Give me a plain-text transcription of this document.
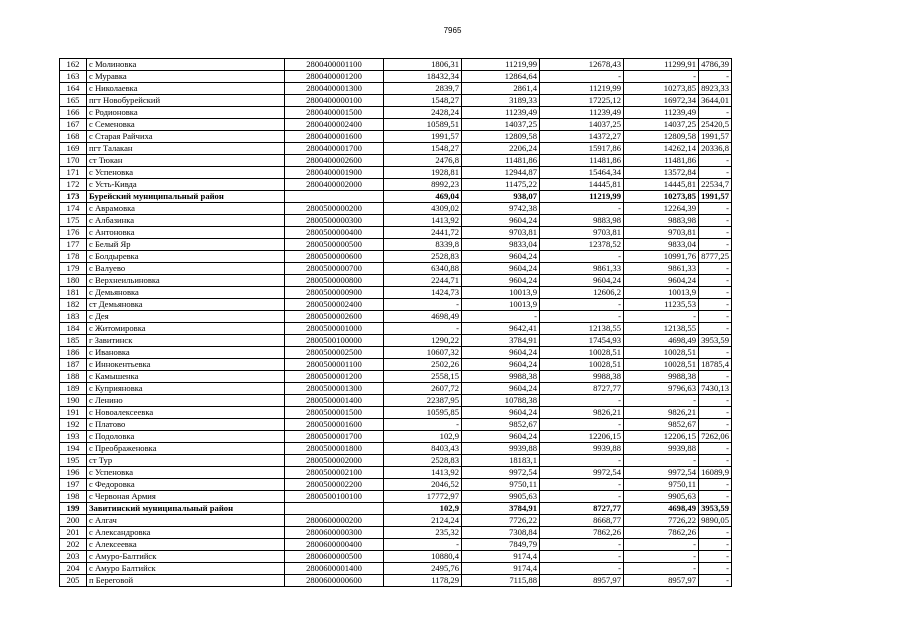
7965
162	с Молиновка	2800400001100	1806,31	11219,99	12678,43	11299,91	4786,39
163	с Муравка	2800400001200	18432,34	12864,64	-	-	-
164	с Николаевка	2800400001300	2839,7	2861,4	11219,99	10273,85	8923,33
165	пгт Новобурейский	2800400000100	1548,27	3189,33	17225,12	16972,34	3644,01
166	с Родионовка	2800400001500	2428,24	11239,49	11239,49	11239,49	-
167	с Семеновка	2800400002400	10589,51	14037,25	14037,25	14037,25	25420,5
168	с Старая Райчиха	2800400001600	1991,57	12809,58	14372,27	12809,58	1991,57
169	пгт Талакан	2800400001700	1548,27	2206,24	15917,86	14262,14	20336,8
170	ст Тюкан	2800400002600	2476,8	11481,86	11481,86	11481,86	-
171	с Успеновка	2800400001900	1928,81	12944,87	15464,34	13572,84	-
172	с Усть-Кивда	2800400002000	8992,23	11475,22	14445,81	14445,81	22534,7
173	Бурейский муниципальный район		469,04	938,07	11219,99	10273,85	1991,57
174	с Аврамовка	2800500000200	4309,02	9742,38	-	12264,39	-
175	с Албазинка	2800500000300	1413,92	9604,24	9883,98	9883,98	-
176	с Антоновка	2800500000400	2441,72	9703,81	9703,81	9703,81	-
177	с Белый Яр	2800500000500	8339,8	9833,04	12378,52	9833,04	-
178	с Болдыревка	2800500000600	2528,83	9604,24	-	10991,76	8777,25
179	с Валуево	2800500000700	6340,88	9604,24	9861,33	9861,33	-
180	с Верхнеильиновка	2800500000800	2244,71	9604,24	9604,24	9604,24	-
181	с Демьяновка	2800500000900	1424,73	10013,9	12606,2	10013,9	-
182	ст Демьяновка	2800500002400	-	10013,9	-	11235,53	-
183	с Дея	2800500002600	4698,49	-	-	-	-
184	с Житомировка	2800500001000	-	9642,41	12138,55	12138,55	-
185	г Завитинск	2800500100000	1290,22	3784,91	17454,93	4698,49	3953,59
186	с Ивановка	2800500002500	10607,32	9604,24	10028,51	10028,51	-
187	с Иннокентьевка	2800500001100	2502,26	9604,24	10028,51	10028,51	18785,4
188	с Камышенка	2800500001200	2558,15	9988,38	9988,38	9988,38	-
189	с Куприяновка	2800500001300	2607,72	9604,24	8727,77	9796,63	7430,13
190	с Ленино	2800500001400	22387,95	10788,38	-	-	-
191	с Новоалексеевка	2800500001500	10595,85	9604,24	9826,21	9826,21	-
192	с Платово	2800500001600	-	9852,67	-	9852,67	-
193	с Подоловка	2800500001700	102,9	9604,24	12206,15	12206,15	7262,06
194	с Преображеновка	2800500001800	8403,43	9939,88	9939,88	9939,88	-
195	ст Тур	2800500002000	2528,83	18183,1	-	-	-
196	с Успеновка	2800500002100	1413,92	9972,54	9972,54	9972,54	16089,9
197	с Федоровка	2800500002200	2046,52	9750,11	-	9750,11	-
198	с Червоная Армия	2800500100100	17772,97	9905,63	-	9905,63	-
199	Завитинский муниципальный район		102,9	3784,91	8727,77	4698,49	3953,59
200	с Алгач	2800600000200	2124,24	7726,22	8668,77	7726,22	9890,05
201	с Александровка	2800600000300	235,32	7308,84	7862,26	7862,26	-
202	с Алексеевка	2800600000400	-	7849,79	-	-	-
203	с Амуро-Балтийск	2800600000500	10880,4	9174,4	-	-	-
204	с Амуро Балтийск	2800600001400	2495,76	9174,4	-	-	-
205	п Береговой	2800600000600	1178,29	7115,88	8957,97	8957,97	-
